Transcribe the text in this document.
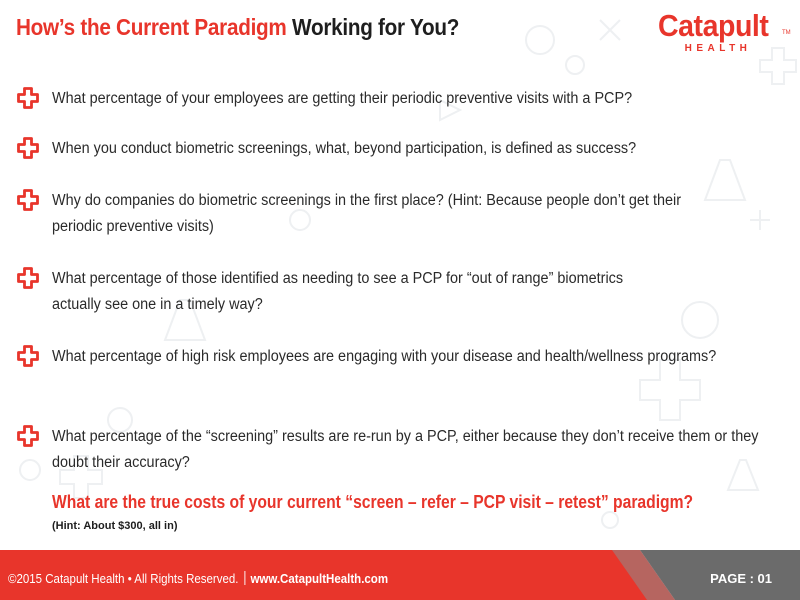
How’s the Current Paradigm Working for You?	Catapult TM
HEALTH
What percentage of your employees are getting their periodic preventive visits with a PCP?
When you conduct biometric screenings, what, beyond participation, is defined as success?
Why do companies do biometric screenings in the first place? (Hint: Because people don’t get their periodic preventive visits)
What percentage of those identified as needing to see a PCP for “out of range” biometrics actually see one in a timely way?
What percentage of high risk employees are engaging with your disease and health/wellness programs?
What percentage of the “screening” results are re-run by a PCP, either because they don’t receive them or they doubt their accuracy?
What are the true costs of your current “screen – refer – PCP visit – retest” paradigm?
(Hint: About $300, all in)
©2015 Catapult Health • All Rights Reserved. www.CatapultHealth.com	PAGE : 01
